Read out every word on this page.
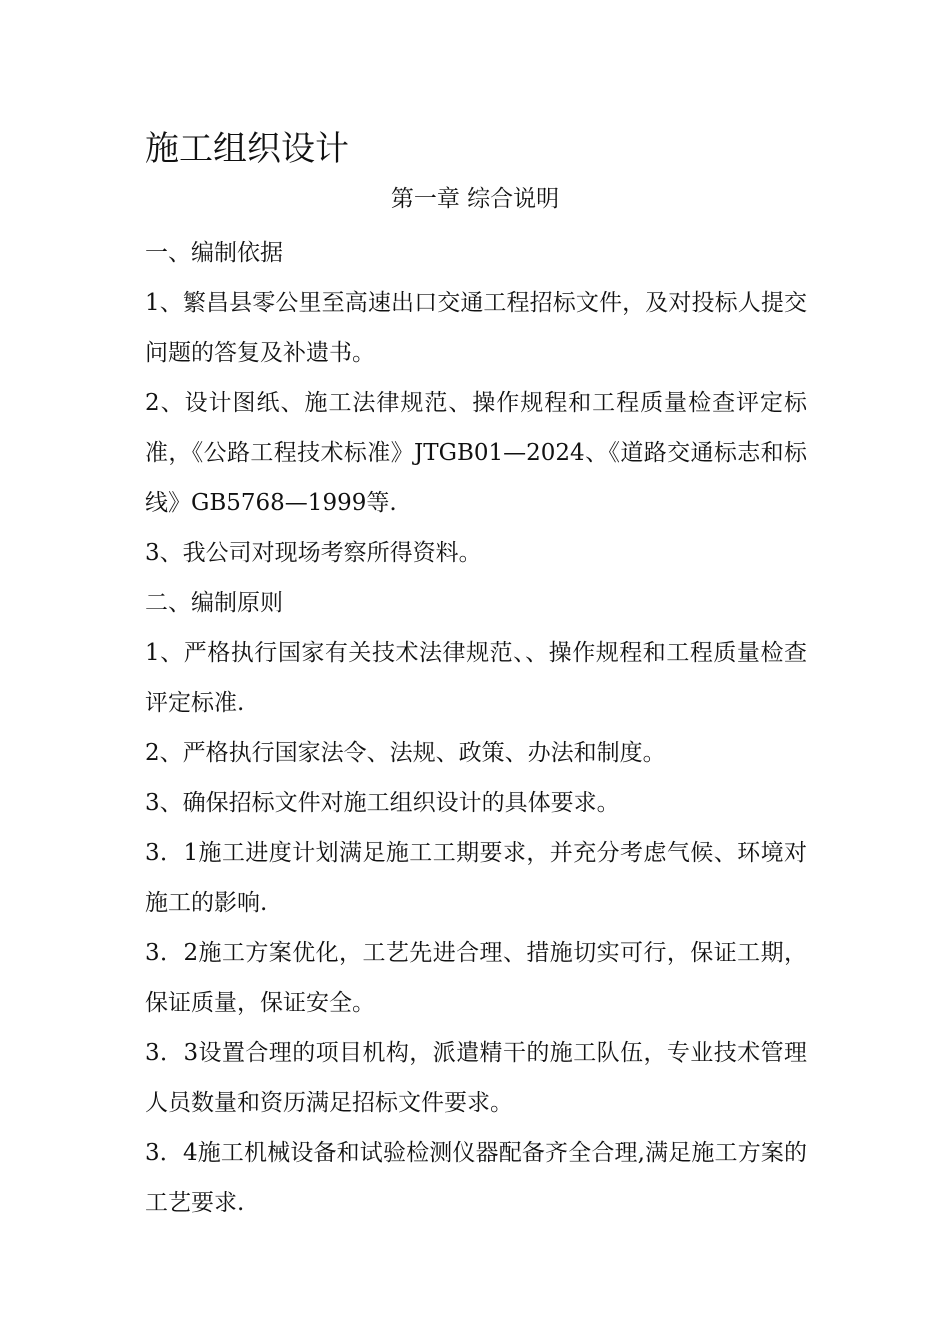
施工组织设计
第一章 综合说明

一、编制依据

1、繁昌县零公里至高速出口交通工程招标文件，及对投标人提交问题的答复及补遗书。

2、设计图纸、施工法律规范、操作规程和工程质量检查评定标准，《公路工程技术标准》JTGB01—2024、《道路交通标志和标线》GB5768—1999等.

3、我公司对现场考察所得资料。

二、编制原则

1、严格执行国家有关技术法律规范、、操作规程和工程质量检查评定标准.

2、严格执行国家法令、法规、政策、办法和制度。

3、确保招标文件对施工组织设计的具体要求。

3．1施工进度计划满足施工工期要求，并充分考虑气候、环境对施工的影响.

3．2施工方案优化，工艺先进合理、措施切实可行，保证工期，保证质量，保证安全。

3．3设置合理的项目机构，派遣精干的施工队伍，专业技术管理人员数量和资历满足招标文件要求。

3．4施工机械设备和试验检测仪器配备齐全合理,满足施工方案的工艺要求.
